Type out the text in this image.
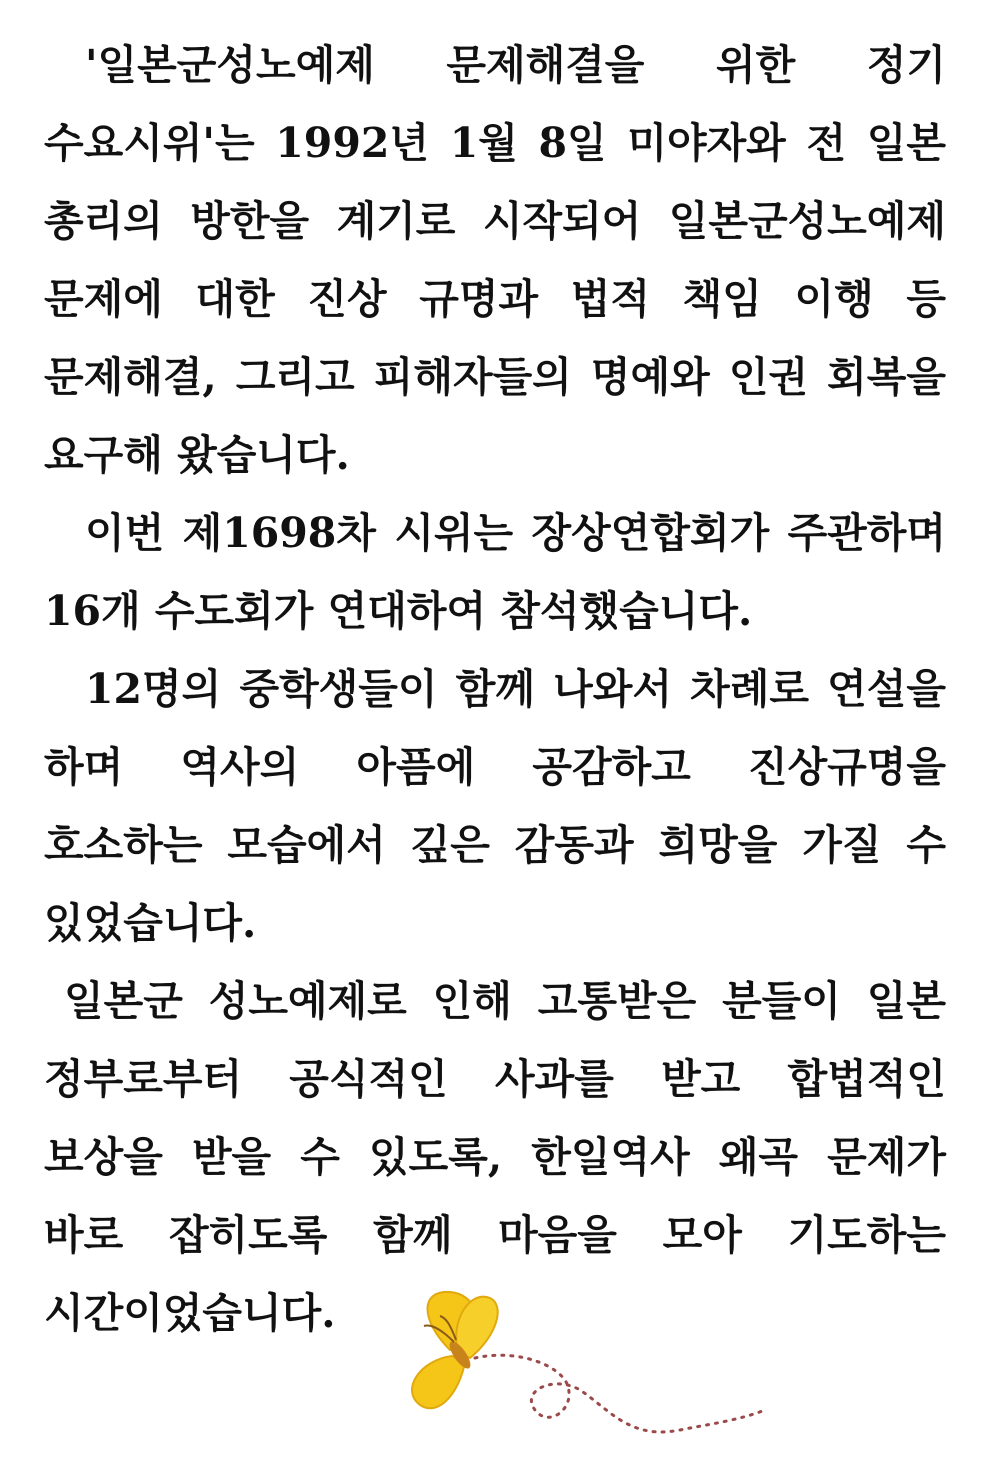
'일본군성노예제 문제해결을 위한 정기 수요시위'는 1992년 1월 8일 미야자와 전 일본 총리의 방한을 계기로 시작되어 일본군성노예제 문제에 대한 진상 규명과 법적 책임 이행 등 문제해결, 그리고 피해자들의 명예와 인권 회복을 요구해 왔습니다.

이번 제1698차 시위는 장상연합회가 주관하며 16개 수도회가 연대하여 참석했습니다.

12명의 중학생들이 함께 나와서 차례로 연설을 하며 역사의 아픔에 공감하고 진상규명을 호소하는 모습에서 깊은 감동과 희망을 가질 수 있었습니다.

일본군 성노예제로 인해 고통받은 분들이 일본 정부로부터 공식적인 사과를 받고 합법적인 보상을 받을 수 있도록, 한일역사 왜곡 문제가 바로 잡히도록 함께 마음을 모아 기도하는 시간이었습니다.
